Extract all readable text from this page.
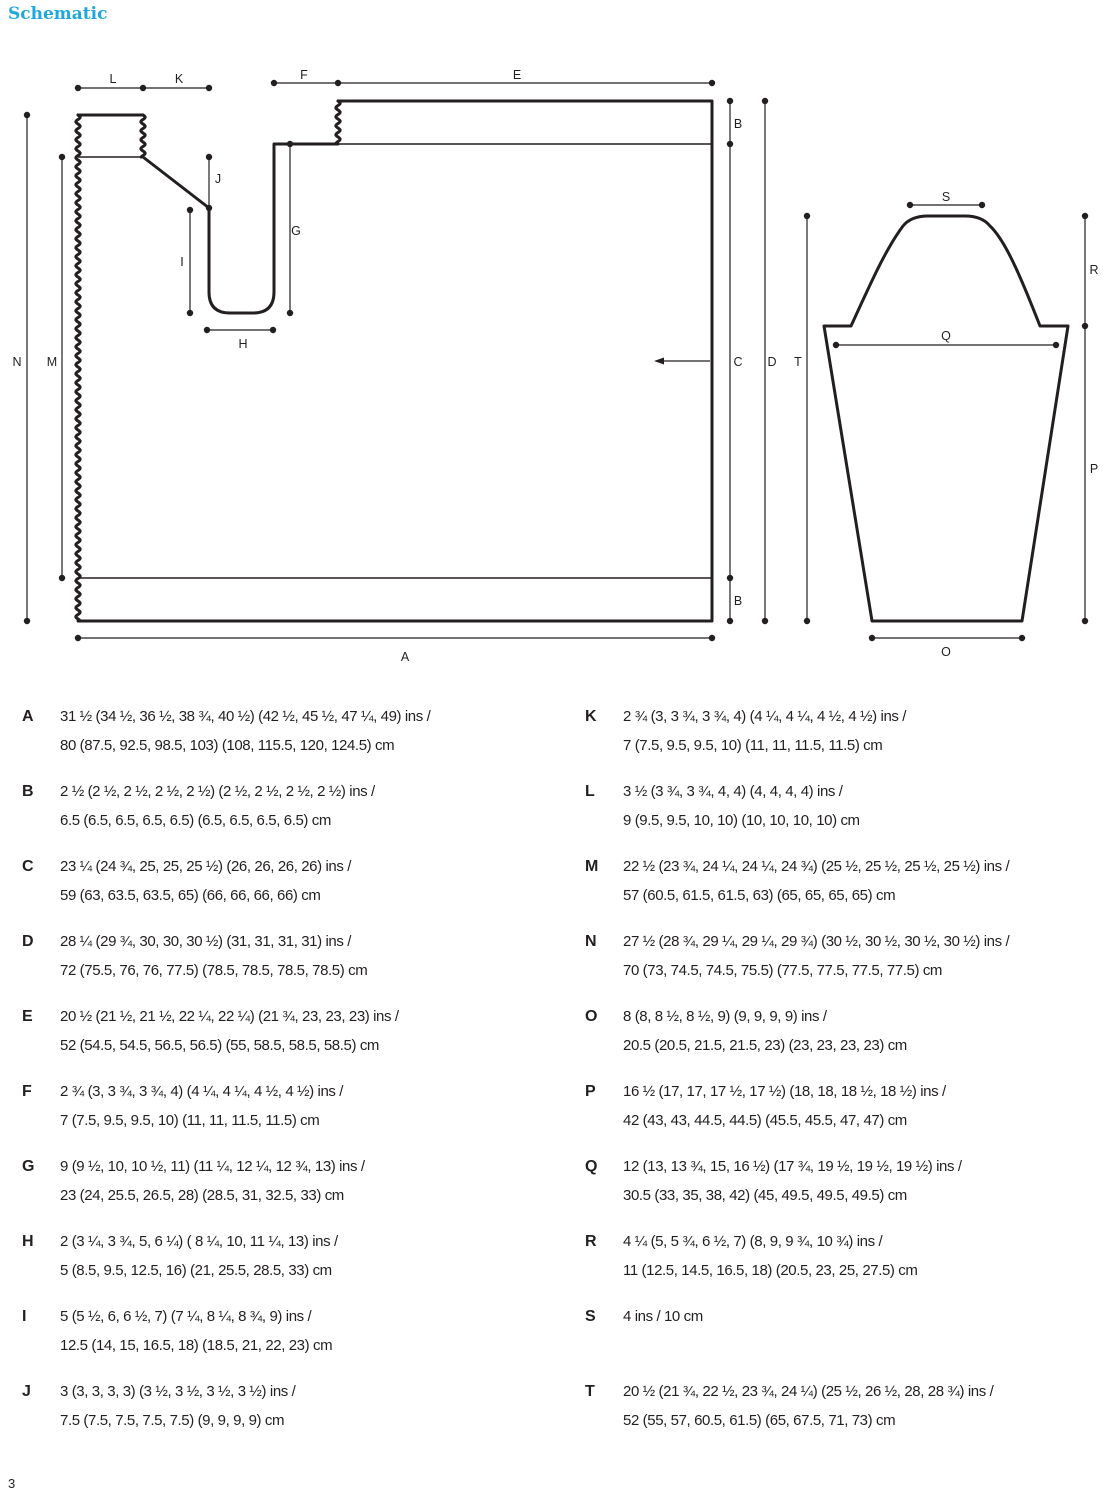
Schematic
L	K	F	E
N M
J
I
G
H
A
B
C
B
D T
S
Q
O
R
P
A	31 ½ (34 ½, 36 ½, 38 ¾, 40 ½) (42 ½, 45 ½, 47 ¼, 49) ins /
80 (87.5, 92.5, 98.5, 103) (108, 115.5, 120, 124.5) cm
B	2 ½ (2 ½, 2 ½, 2 ½, 2 ½) (2 ½, 2 ½, 2 ½, 2 ½) ins /
6.5 (6.5, 6.5, 6.5, 6.5) (6.5, 6.5, 6.5, 6.5) cm
C	23 ¼ (24 ¾, 25, 25, 25 ½) (26, 26, 26, 26) ins /
59 (63, 63.5, 63.5, 65) (66, 66, 66, 66) cm
D	28 ¼ (29 ¾, 30, 30, 30 ½) (31, 31, 31, 31) ins /
72 (75.5, 76, 76, 77.5) (78.5, 78.5, 78.5, 78.5) cm
E	20 ½ (21 ½, 21 ½, 22 ¼, 22 ¼) (21 ¾, 23, 23, 23) ins /
52 (54.5, 54.5, 56.5, 56.5) (55, 58.5, 58.5, 58.5) cm
F	2 ¾ (3, 3 ¾, 3 ¾, 4) (4 ¼, 4 ¼, 4 ½, 4 ½) ins /
7 (7.5, 9.5, 9.5, 10) (11, 11, 11.5, 11.5) cm
G	9 (9 ½, 10, 10 ½, 11) (11 ¼, 12 ¼, 12 ¾, 13) ins /
23 (24, 25.5, 26.5, 28) (28.5, 31, 32.5, 33) cm
H	2 (3 ¼, 3 ¾, 5, 6 ¼) ( 8 ¼, 10, 11 ¼, 13) ins /
5 (8.5, 9.5, 12.5, 16) (21, 25.5, 28.5, 33) cm
I	5 (5 ½, 6, 6 ½, 7) (7 ¼, 8 ¼, 8 ¾, 9) ins /
12.5 (14, 15, 16.5, 18) (18.5, 21, 22, 23) cm
J	3 (3, 3, 3, 3) (3 ½, 3 ½, 3 ½, 3 ½) ins /
7.5 (7.5, 7.5, 7.5, 7.5) (9, 9, 9, 9) cm
K	2 ¾ (3, 3 ¾, 3 ¾, 4) (4 ¼, 4 ¼, 4 ½, 4 ½) ins /
7 (7.5, 9.5, 9.5, 10) (11, 11, 11.5, 11.5) cm
L	3 ½ (3 ¾, 3 ¾, 4, 4) (4, 4, 4, 4) ins /
9 (9.5, 9.5, 10, 10) (10, 10, 10, 10) cm
M	22 ½ (23 ¾, 24 ¼, 24 ¼, 24 ¾) (25 ½, 25 ½, 25 ½, 25 ½) ins /
57 (60.5, 61.5, 61.5, 63) (65, 65, 65, 65) cm
N	27 ½ (28 ¾, 29 ¼, 29 ¼, 29 ¾) (30 ½, 30 ½, 30 ½, 30 ½) ins /
70 (73, 74.5, 74.5, 75.5) (77.5, 77.5, 77.5, 77.5) cm
O	8 (8, 8 ½, 8 ½, 9) (9, 9, 9, 9) ins /
20.5 (20.5, 21.5, 21.5, 23) (23, 23, 23, 23) cm
P	16 ½ (17, 17, 17 ½, 17 ½) (18, 18, 18 ½, 18 ½) ins /
42 (43, 43, 44.5, 44.5) (45.5, 45.5, 47, 47) cm
Q	12 (13, 13 ¾, 15, 16 ½) (17 ¾, 19 ½, 19 ½, 19 ½) ins /
30.5 (33, 35, 38, 42) (45, 49.5, 49.5, 49.5) cm
R	4 ¼ (5, 5 ¾, 6 ½, 7) (8, 9, 9 ¾, 10 ¾) ins /
11 (12.5, 14.5, 16.5, 18) (20.5, 23, 25, 27.5) cm
S	4 ins / 10 cm
T	20 ½ (21 ¾, 22 ½, 23 ¾, 24 ¼) (25 ½, 26 ½, 28, 28 ¾) ins /
52 (55, 57, 60.5, 61.5) (65, 67.5, 71, 73) cm
3
